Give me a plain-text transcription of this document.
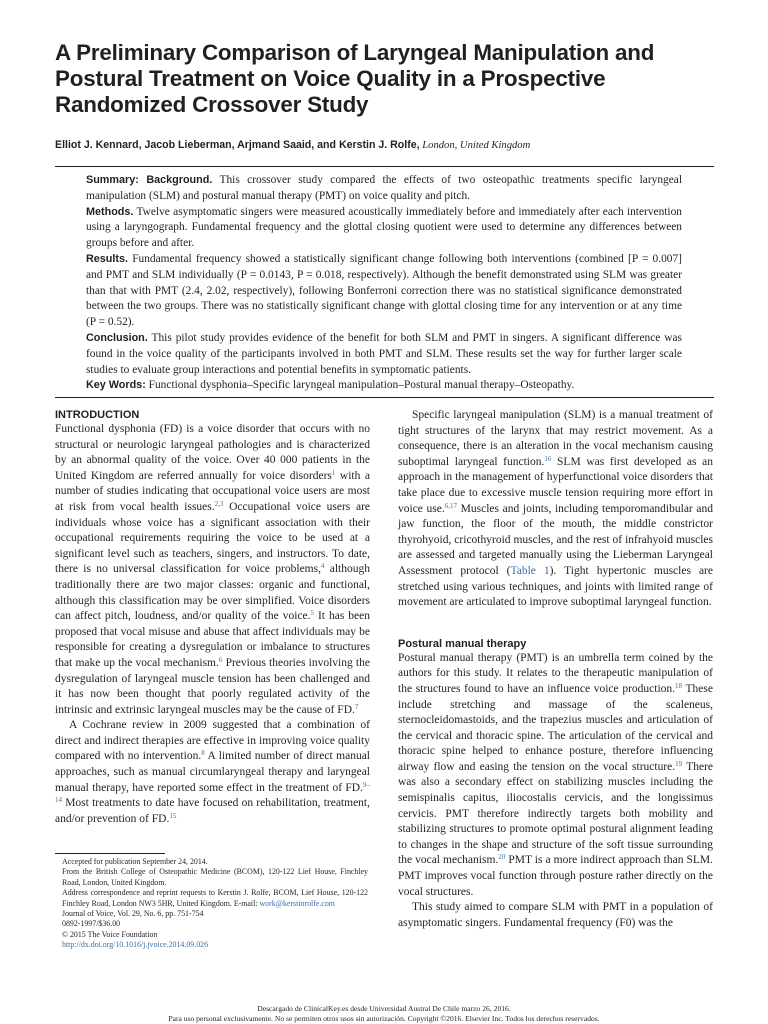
A Preliminary Comparison of Laryngeal Manipulation and Postural Treatment on Voice Quality in a Prospective Randomized Crossover Study
Elliot J. Kennard, Jacob Lieberman, Arjmand Saaid, and Kerstin J. Rolfe, London, United Kingdom

Summary: Background. This crossover study compared the effects of two osteopathic treatments specific laryngeal manipulation (SLM) and postural manual therapy (PMT) on voice quality and pitch.

Methods. Twelve asymptomatic singers were measured acoustically immediately before and immediately after each intervention using a laryngograph. Fundamental frequency and the glottal closing quotient were used to determine any differences between groups before and after.

Results. Fundamental frequency showed a statistically significant change following both interventions (combined [P = 0.007] and PMT and SLM individually (P = 0.0143, P = 0.018, respectively). Although the benefit demonstrated using SLM was greater than that with PMT (2.4, 2.02, respectively), following Bonferroni correction there was no statistical significance demonstrated between the two groups. There was no statistically significant change with glottal closing time for any intervention or at any time (P = 0.52).

Conclusion. This pilot study provides evidence of the benefit for both SLM and PMT in singers. A significant difference was found in the voice quality of the participants involved in both PMT and SLM. These results set the way for further larger scale studies to evaluate group interactions and potential benefits in symptomatic patients.

Key Words: Functional dysphonia–Specific laryngeal manipulation–Postural manual therapy–Osteopathy.

INTRODUCTION

Functional dysphonia (FD) is a voice disorder that occurs with no structural or neurologic laryngeal pathologies and is characterized by an abnormal quality of the voice. Over 40 000 patients in the United Kingdom are referred annually for voice disorders$^1$ with a number of studies indicating that occupational voice users are most at risk from vocal health issues.$^{2,3}$ Occupational voice users are individuals whose voice has a significant association with their occupational requirements requiring the voice to be used at a significant level such as teachers, singers, and instructors. To date, there is no universal classification for voice problems,$^4$ although traditionally there are two major classes: organic and functional, although this classification may be over simplified. Voice disorders can affect pitch, loudness, and/or quality of the voice.$^5$ It has been proposed that vocal misuse and abuse that affect individuals may be responsible for creating a dysregulation or imbalance to structures that make up the vocal mechanism.$^6$ Previous theories involving the dysregulation of laryngeal muscle tension has been challenged and it has now been thought that poorly regulated activity of the intrinsic and extrinsic laryngeal muscles may be the cause of FD.$^7$

A Cochrane review in 2009 suggested that a combination of direct and indirect therapies are effective in improving voice quality compared with no intervention.$^8$ A limited number of direct manual approaches, such as manual circumlaryngeal therapy and laryngeal manual therapy, have reported some effect in the treatment of FD.$^{9-14}$ Most treatments to date have focused on rehabilitation, treatment, and/or prevention of FD.$^{15}$

Accepted for publication September 24, 2014.

From the British College of Osteopathic Medicine (BCOM), 120-122 Lief House, Finchley Road, London, United Kingdom.

Address correspondence and reprint requests to Kerstin J. Rolfe, BCOM, Lief House, 120-122 Finchley Road, London NW3 5HR, United Kingdom. E-mail: work@kerstinrolfe.com

Journal of Voice, Vol. 29, No. 6, pp. 751-754

0892-1997/$36.00

© 2015 The Voice Foundation

http://dx.doi.org/10.1016/j.jvoice.2014.09.026

Specific laryngeal manipulation (SLM) is a manual treatment of tight structures of the larynx that may restrict movement. As a consequence, there is an alteration in the vocal mechanism causing suboptimal laryngeal function.$^{16}$ SLM was first developed as an approach in the management of hyperfunctional voice disorders that take place due to excessive muscle tension requiring more effort in voice use.$^{6,17}$ Muscles and joints, including temporomandibular and jaw function, the floor of the mouth, the middle constrictor thyrohyoid, cricothyroid muscles, and the rest of infrahyoid muscles are assessed and targeted manually using the Lieberman Laryngeal Assessment protocol (Table 1). Tight hypertonic muscles are stretched using various techniques, and joints with limited range of movement are articulated to improve suboptimal laryngeal function.

Postural manual therapy

Postural manual therapy (PMT) is an umbrella term coined by the authors for this study. It relates to the therapeutic manipulation of the structures found to have an influence voice production.$^{18}$ These include stretching and massage of the scaleneus, sternocleidomastoids, and the trapezius muscles and articulation of the cervical and thoracic spine. The articulation of the cervical and thoracic spine helped to enhance posture, therefore influencing airway flow and easing the tension on the vocal structure.$^{19}$ There was also a secondary effect on stabilizing muscles including the semispinalis capitus, iliocostalis cervicis, and the longissimus cervicis. PMT therefore indirectly targets both mobility and stabilizing structures to promote optimal postural alignment leading to changes in the shape and structure of the soft tissue surrounding the vocal mechanism.$^{20}$ PMT is a more indirect approach than SLM. PMT improves vocal function through posture rather directly on the vocal structures.

This study aimed to compare SLM with PMT in a population of asymptomatic singers. Fundamental frequency (F0) was the

Descargado de ClinicalKey.es desde Universidad Austral De Chile marzo 26, 2016.
Para uso personal exclusivamente. No se permiten otros usos sin autorización. Copyright ©2016. Elsevier Inc. Todos los derechos reservados.
